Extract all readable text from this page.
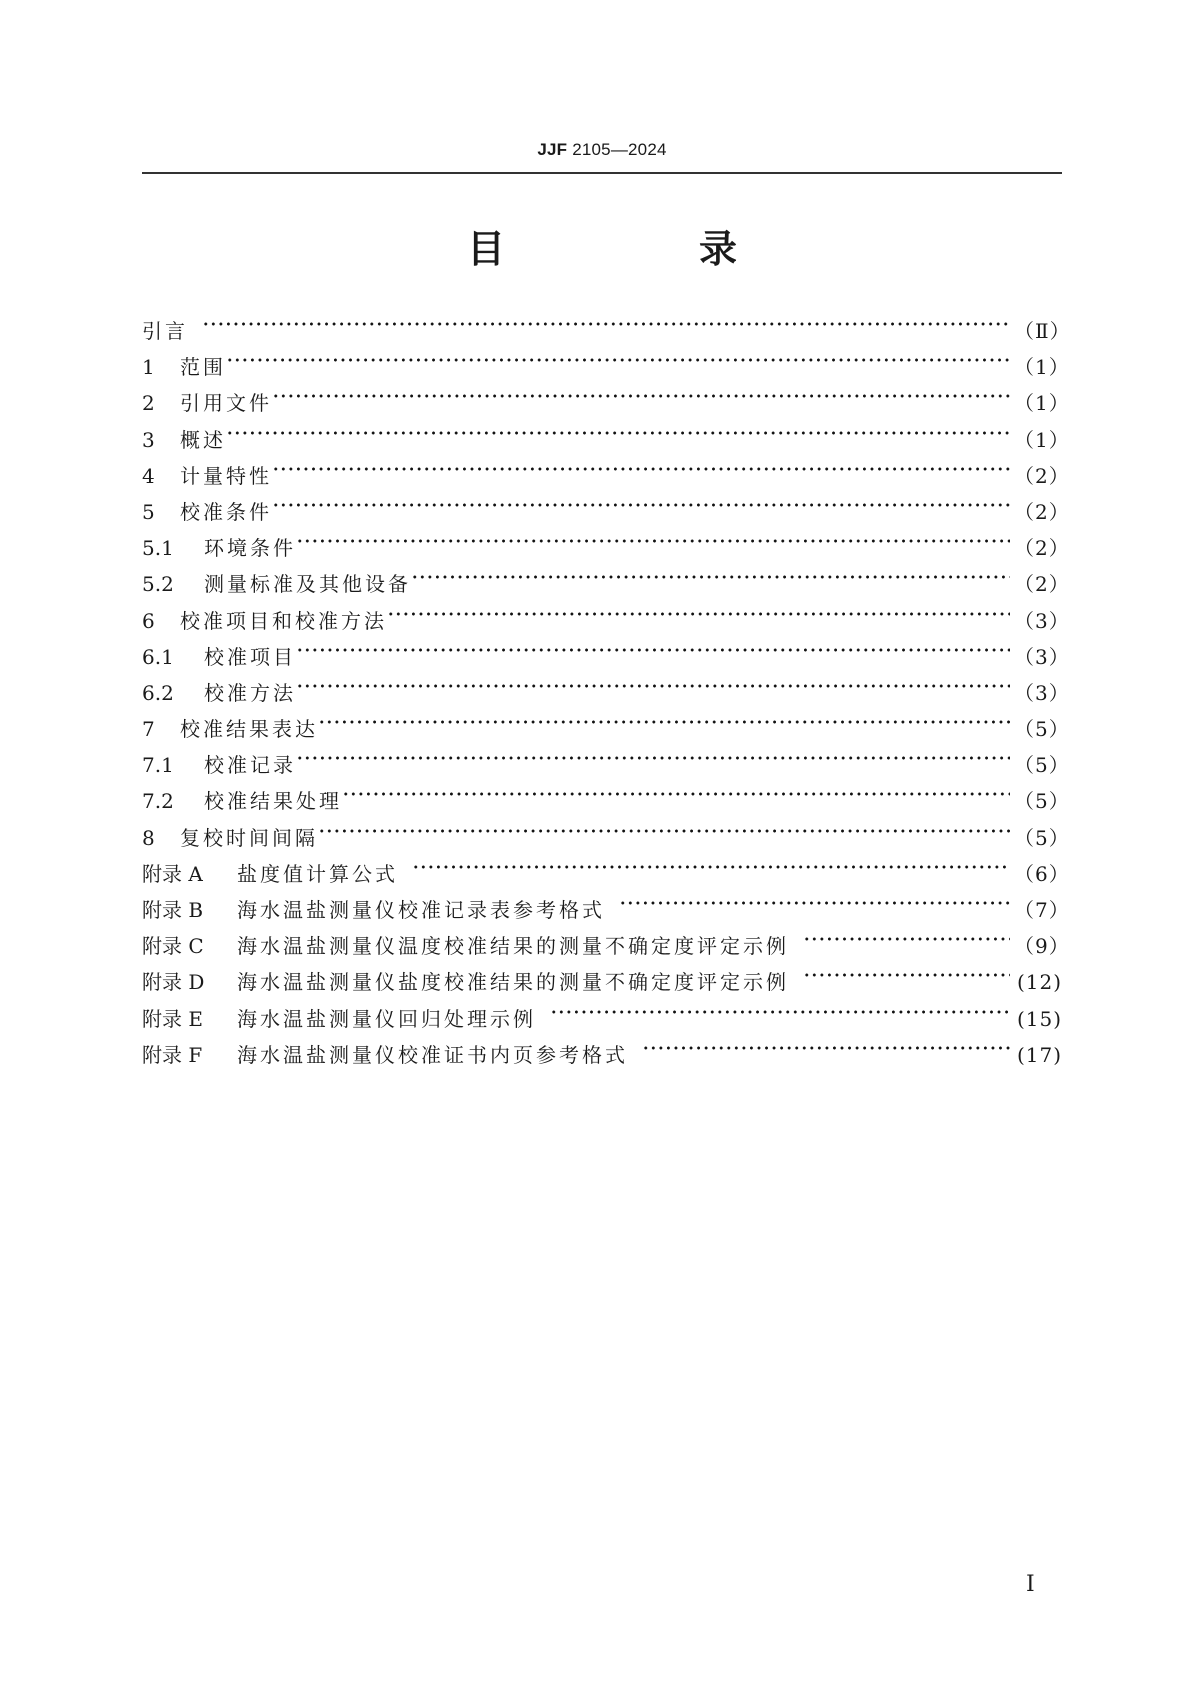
JJF 2105—2024
目　录
引言	（Ⅱ）
1	范围	（1）
2	引用文件	（1）
3	概述	（1）
4	计量特性	（2）
5	校准条件	（2）
5.1	环境条件	（2）
5.2	测量标准及其他设备	（2）
6	校准项目和校准方法	（3）
6.1	校准项目	（3）
6.2	校准方法	（3）
7	校准结果表达	（5）
7.1	校准记录	（5）
7.2	校准结果处理	（5）
8	复校时间间隔	（5）
附录 A	盐度值计算公式	（6）
附录 B	海水温盐测量仪校准记录表参考格式	（7）
附录 C	海水温盐测量仪温度校准结果的测量不确定度评定示例	（9）
附录 D	海水温盐测量仪盐度校准结果的测量不确定度评定示例	(12)
附录 E	海水温盐测量仪回归处理示例	(15)
附录 F	海水温盐测量仪校准证书内页参考格式	(17)
I
